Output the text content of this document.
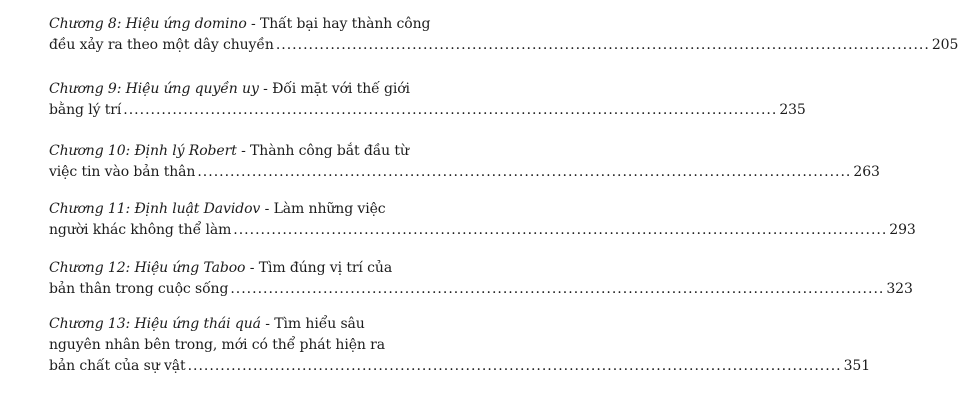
Chương 8: Hiệu ứng domino - Thất bại hay thành công
đều xảy ra theo một dây chuyền .....	205
Chương 9: Hiệu ứng quyền uy - Đối mặt với thế giới
bằng lý trí .....	235
Chương 10: Định lý Robert - Thành công bắt đầu từ
việc tin vào bản thân .....	263
Chương 11: Định luật Davidov - Làm những việc
người khác không thể làm .....	293
Chương 12: Hiệu ứng Taboo - Tìm đúng vị trí của
bản thân trong cuộc sống .....	323
Chương 13: Hiệu ứng thái quá - Tìm hiểu sâu
nguyên nhân bên trong, mới có thể phát hiện ra
bản chất của sự vật .....	351
